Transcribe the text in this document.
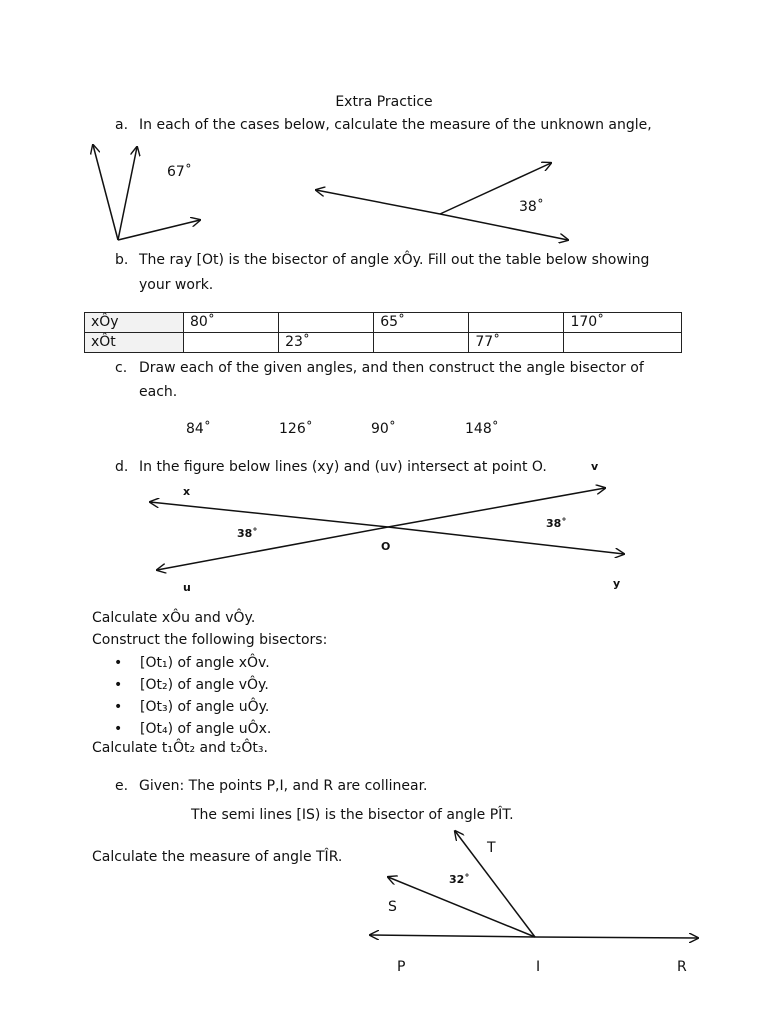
Extra Practice
a. In each of the cases below, calculate the measure of the unknown angle,
67˚
38˚
b. The ray [Ot) is the bisector of angle xÔy. Fill out the table below showing
your work.
xÔy	80˚		65˚		170˚
xÔt		23˚		77˚	
c. Draw each of the given angles, and then construct the angle bisector of
each.
84˚	126˚	90˚	148˚
d. In the figure below lines (xy) and (uv) intersect at point O.	v
x
38˚
38˚
O
u	y
Calculate xÔu and vÔy.
Construct the following bisectors:
• [Ot₁) of angle xÔv.
• [Ot₂) of angle vÔy.
• [Ot₃) of angle uÔy.
• [Ot₄) of angle uÔx.
Calculate t₁Ôt₂ and t₂Ôt₃.
e. Given: The points P,I, and R are collinear.
The semi lines [IS) is the bisector of angle PÎT.
Calculate the measure of angle TÎR.
T
32˚
S
P	I	R
